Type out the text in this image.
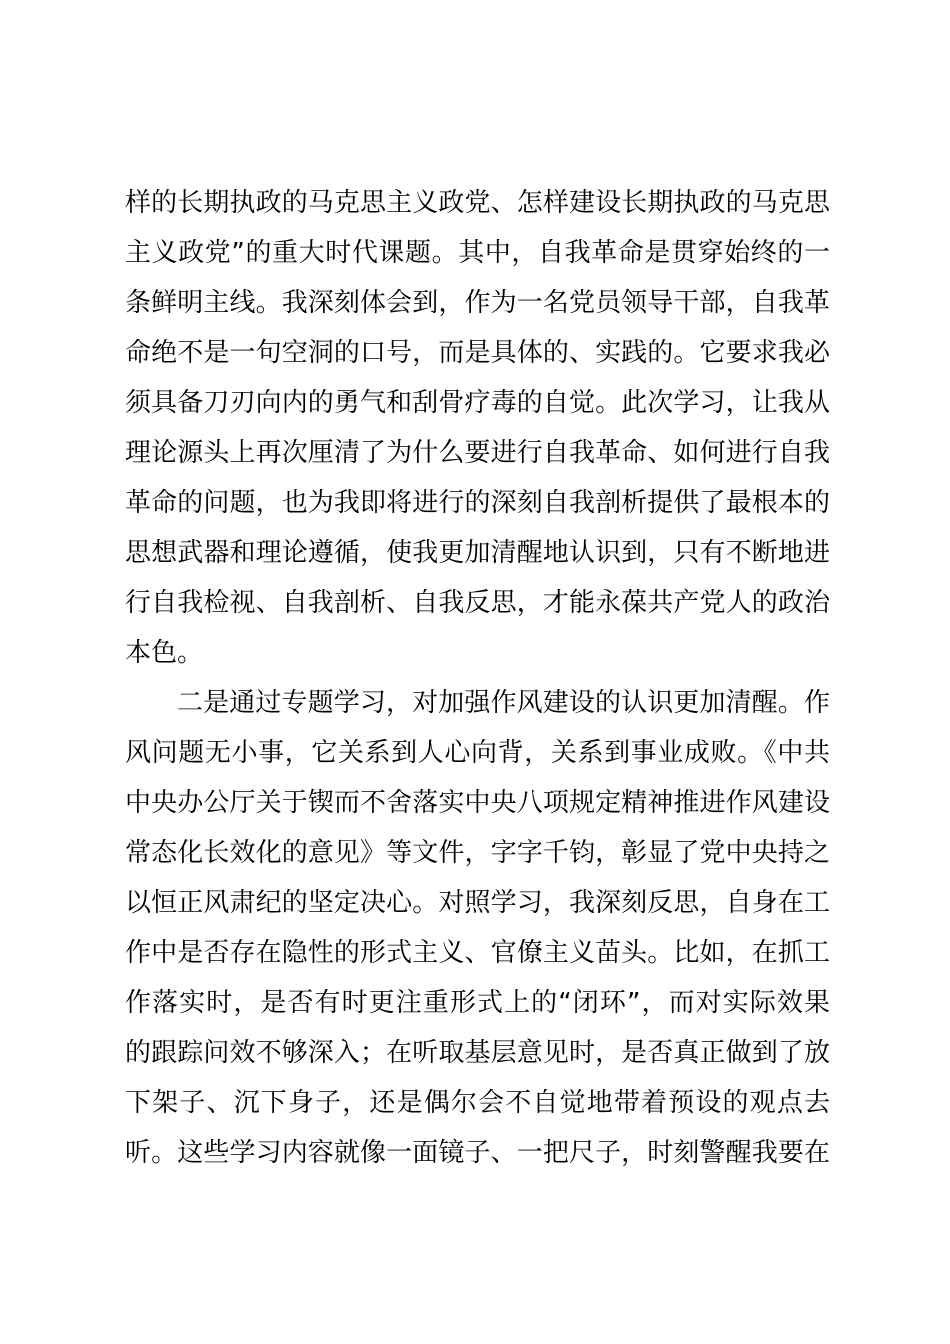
样的长期执政的马克思主义政党、怎样建设长期执政的马克思
主义政党”的重大时代课题。其中，自我革命是贯穿始终的一
条鲜明主线。我深刻体会到，作为一名党员领导干部，自我革
命绝不是一句空洞的口号，而是具体的、实践的。它要求我必
须具备刀刃向内的勇气和刮骨疗毒的自觉。此次学习，让我从
理论源头上再次厘清了为什么要进行自我革命、如何进行自我
革命的问题，也为我即将进行的深刻自我剖析提供了最根本的
思想武器和理论遵循，使我更加清醒地认识到，只有不断地进
行自我检视、自我剖析、自我反思，才能永葆共产党人的政治
本色。
二是通过专题学习，对加强作风建设的认识更加清醒。作
风问题无小事，它关系到人心向背，关系到事业成败。《中共
中央办公厅关于锲而不舍落实中央八项规定精神推进作风建设
常态化长效化的意见》等文件，字字千钧，彰显了党中央持之
以恒正风肃纪的坚定决心。对照学习，我深刻反思，自身在工
作中是否存在隐性的形式主义、官僚主义苗头。比如，在抓工
作落实时，是否有时更注重形式上的“闭环”，而对实际效果
的跟踪问效不够深入；在听取基层意见时，是否真正做到了放
下架子、沉下身子，还是偶尔会不自觉地带着预设的观点去
听。这些学习内容就像一面镜子、一把尺子，时刻警醒我要在
